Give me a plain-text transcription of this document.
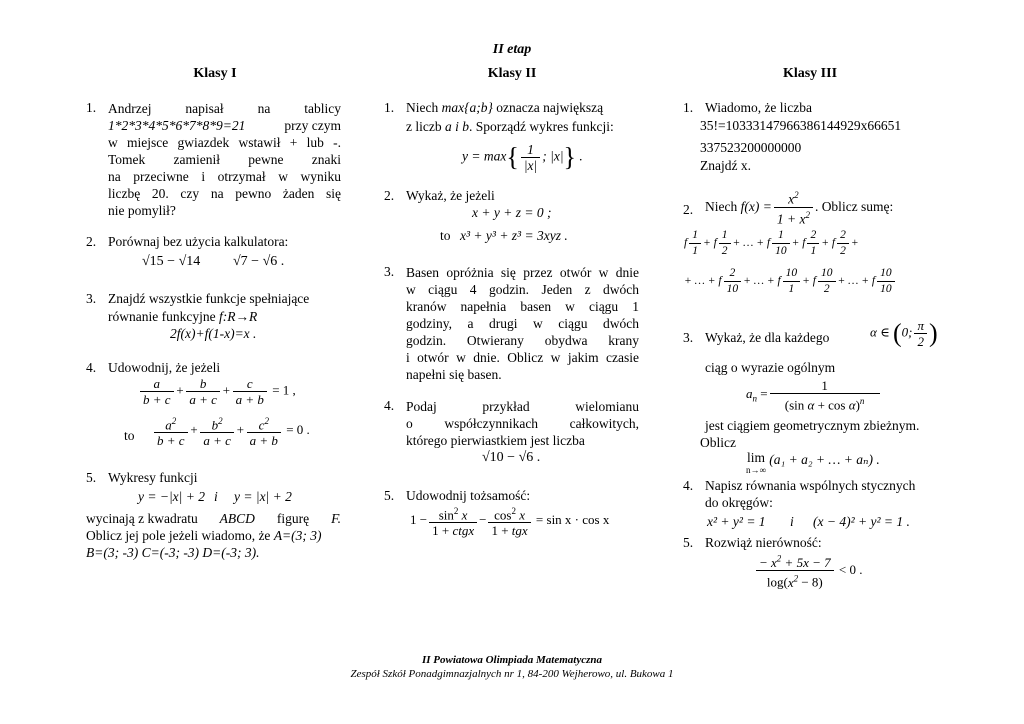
II etap
Klasy I	Klasy II	Klasy III
1. Andrzej napisał na tablicy
1*2*3*4*5*6*7*8*9=21	przy czym
w miejsce gwiazdek wstawił + lub -.
Tomek zamienił pewne znaki
na przeciwne i otrzymał w wyniku
liczbę 20. czy na pewno żaden się
nie pomylił?
2. Porównaj bez użycia kalkulatora:
√15 − √14 √7 − √6 .
3. Znajdź wszystkie funkcje spełniające
równanie funkcyjne f:R→R
2f(x)+f(1-x)=x .
4. Udowodnij, że jeżeli
$\frac{a}{b + c} + \frac{b}{a + c} + \frac{c}{a + b} = 1$ ,
to $\frac{a^2}{b + c} + \frac{b^2}{a + c} + \frac{c^2}{a + b} = 0$ .
5. Wykresy funkcji
y = −|x| + 2 i y = |x| + 2
wycinają z kwadratu ABCD figurę F.
Oblicz jej pole jeżeli wiadomo, że A=(3; 3)
B=(3; -3) C=(-3; -3) D=(-3; 3).
1. Niech max{a;b} oznacza największą
z liczb a i b. Sporządź wykres funkcji:
$y = \max\{ \frac{1}{|x|}$ ; |x|} .
2. Wykaż, że jeżeli
x + y + z = 0 ;
to x³ + y³ + z³ = 3xyz .
3. Basen opróżnia się przez otwór w dnie
w ciągu 4 godzin. Jeden z dwóch
kranów napełnia basen w ciągu 1
godziny, a drugi w ciągu dwóch
godzin. Otwierany obydwa krany
i otwór w dnie. Oblicz w jakim czasie
napełni się basen.
4. Podaj przykład wielomianu
o współczynnikach całkowitych,
którego pierwiastkiem jest liczba
√10 − √6 .
5. Udowodnij tożsamość:
$1 - \frac{\sin^2 x}{\text{1 + ctgx}} - \frac{\cos^2 x}{\text{1 + tgx}} = \sin x \cdot \cos x$
1. Wiadomo, że liczba
35!=10333147966386144929x66651
337523200000000
Znajdź x.
2. Niech $f(x) = \frac{x^2}{1 + x^2}$ . Oblicz sumę:
f $\frac{1}{1} + f \frac{1}{2}$ + … + f $\frac{1}{10} + f \frac{2}{1} + f \frac{2}{2}$ +
+ … + f $\frac{2}{10}$ + … + f $\frac{10}{1} + f \frac{10}{2}$ + … + f $\frac{10}{10}$
3. Wykaż, że dla każdego	α ∈ (0; $\frac{\pi}{2}$ )
ciąg o wyrazie ogólnym
$a_n = \frac{1}{(\sin \alpha + \cos \alpha)^n}$
jest ciągiem geometrycznym zbieżnym.
Oblicz
lim
n→∞
(a₁ + a₂ + … + aₙ) .
4. Napisz równania wspólnych stycznych
do okręgów:
x² + y² = 1 i (x − 4)² + y² = 1 .
5. Rozwiąż nierówność:
$\frac{- x^2 + 5x - 7}{\log(x^2 - 8)} < 0$ .
II Powiatowa Olimpiada Matematyczna
Zespół Szkół Ponadgimnazjalnych nr 1, 84-200 Wejherowo, ul. Bukowa 1
